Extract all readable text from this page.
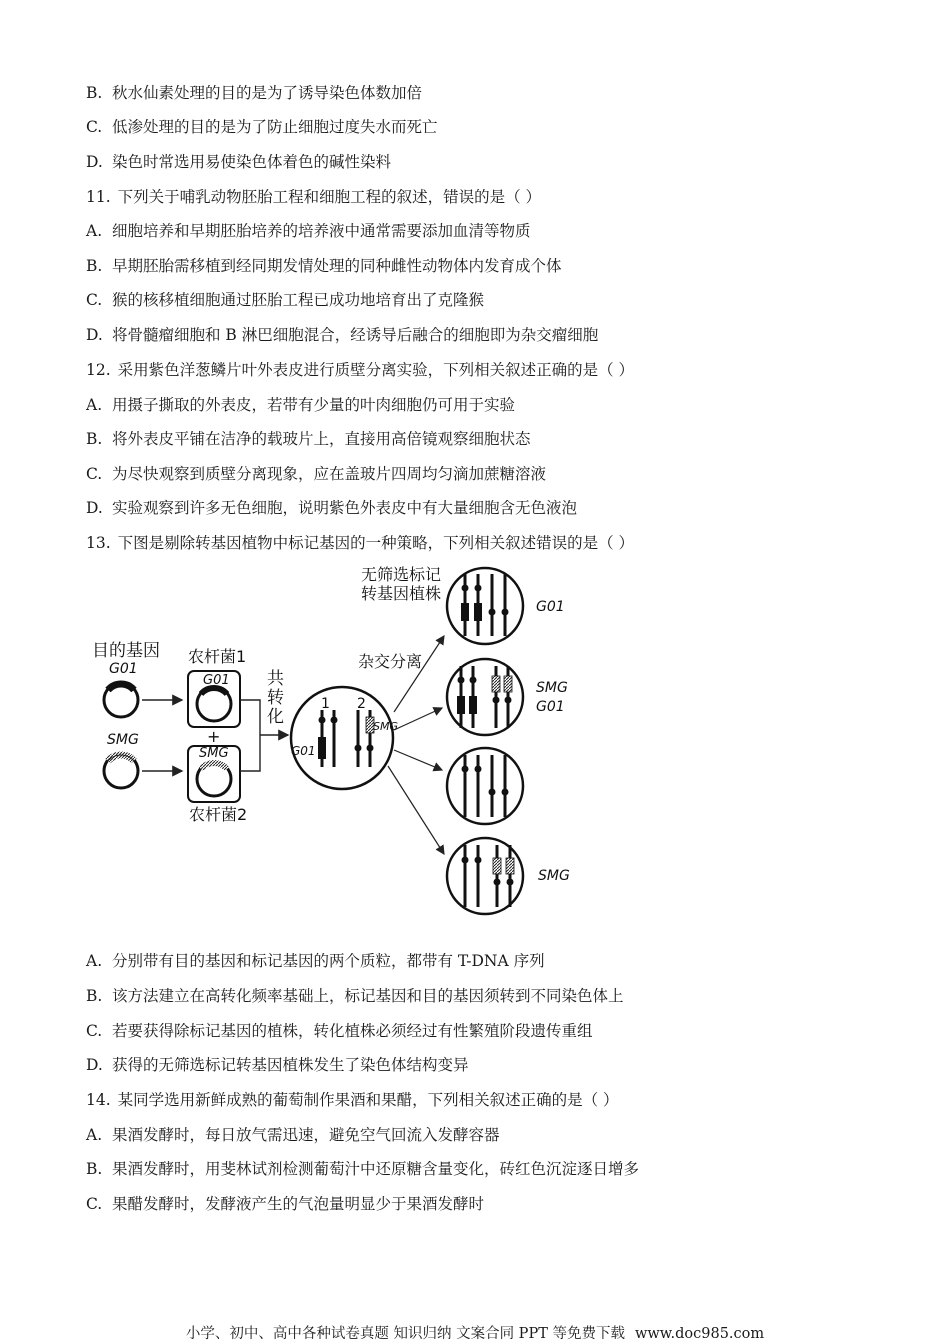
B. 秋水仙素处理的目的是为了诱导染色体数加倍
C. 低渗处理的目的是为了防止细胞过度失水而死亡
D. 染色时常选用易使染色体着色的碱性染料
11. 下列关于哺乳动物胚胎工程和细胞工程的叙述，错误的是（ ）
A. 细胞培养和早期胚胎培养的培养液中通常需要添加血清等物质
B. 早期胚胎需移植到经同期发情处理的同种雌性动物体内发育成个体
C. 猴的核移植细胞通过胚胎工程已成功地培育出了克隆猴
D. 将骨髓瘤细胞和 B 淋巴细胞混合，经诱导后融合的细胞即为杂交瘤细胞
12. 采用紫色洋葱鳞片叶外表皮进行质壁分离实验，下列相关叙述正确的是（ ）
A. 用摄子撕取的外表皮，若带有少量的叶肉细胞仍可用于实验
B. 将外表皮平铺在洁净的载玻片上，直接用高倍镜观察细胞状态
C. 为尽快观察到质壁分离现象，应在盖玻片四周均匀滴加蔗糖溶液
D. 实验观察到许多无色细胞，说明紫色外表皮中有大量细胞含无色液泡
13. 下图是剔除转基因植物中标记基因的一种策略，下列相关叙述错误的是（ ）
A. 分别带有目的基因和标记基因的两个质粒，都带有 T-DNA 序列
B. 该方法建立在高转化频率基础上，标记基因和目的基因须转到不同染色体上
C. 若要获得除标记基因的植株，转化植株必须经过有性繁殖阶段遗传重组
D. 获得的无筛选标记转基因植株发生了染色体结构变异
14. 某同学选用新鲜成熟的葡萄制作果酒和果醋，下列相关叙述正确的是（ ）
A. 果酒发酵时，每日放气需迅速，避免空气回流入发酵容器
B. 果酒发酵时，用斐林试剂检测葡萄汁中还原糖含量变化，砖红色沉淀逐日增多
C. 果醋发酵时，发酵液产生的气泡量明显少于果酒发酵时
目的基因
G01
SMG
农杆菌1
G01
+
SMG
农杆菌2
共
转
化
1 2
SMG
G01
杂交分离
无筛选标记
转基因植株
G01
SMG
G01
SMG
小学、初中、高中各种试卷真题 知识归纳 文案合同 PPT 等免费下载 www.doc985.com
